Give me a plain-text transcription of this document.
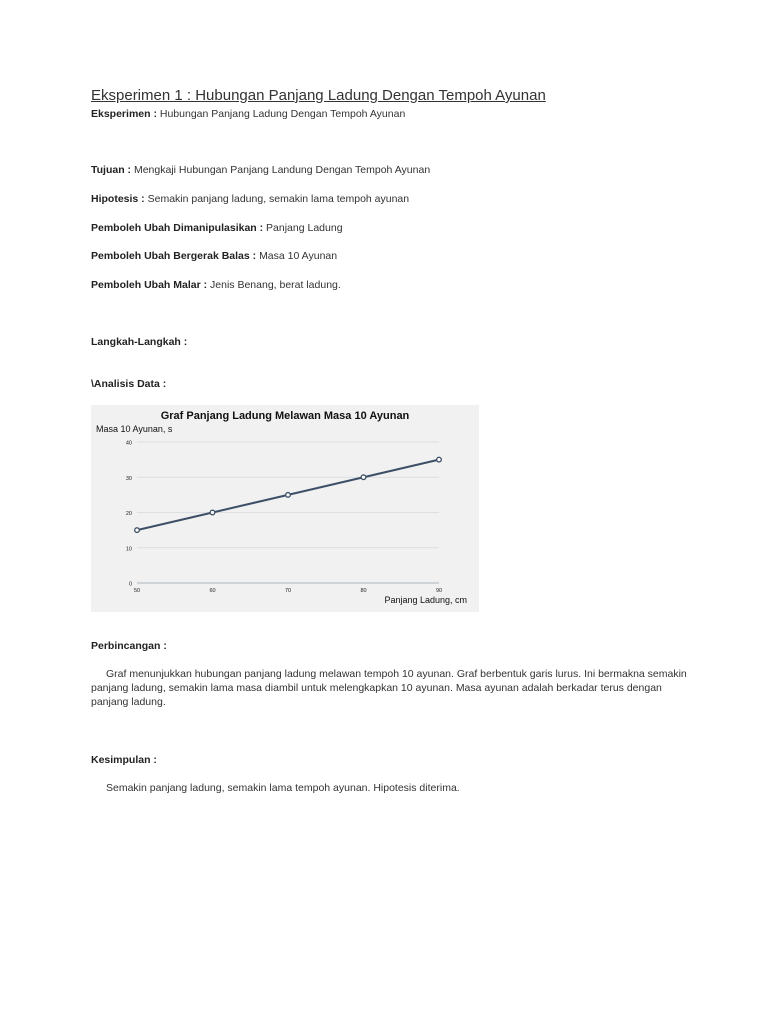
Eksperimen 1 : Hubungan Panjang Ladung Dengan Tempoh Ayunan
Eksperimen : Hubungan Panjang Ladung Dengan Tempoh Ayunan
Tujuan : Mengkaji Hubungan Panjang Landung Dengan Tempoh Ayunan
Hipotesis : Semakin panjang ladung, semakin lama tempoh ayunan
Pemboleh Ubah Dimanipulasikan : Panjang Ladung
Pemboleh Ubah Bergerak Balas : Masa 10 Ayunan
Pemboleh Ubah Malar : Jenis Benang, berat ladung.
Langkah-Langkah :
\Analisis Data :
Graf Panjang Ladung Melawan Masa 10 Ayunan
Masa 10 Ayunan, s
Panjang Ladung, cm
0
10
20
30
40
50	60	70	80	90
Perbincangan :
Graf menunjukkan hubungan panjang ladung melawan tempoh 10 ayunan. Graf berbentuk garis lurus. Ini bermakna semakin panjang ladung, semakin lama masa diambil untuk melengkapkan 10 ayunan. Masa ayunan adalah berkadar terus dengan panjang ladung.
Kesimpulan :
Semakin panjang ladung, semakin lama tempoh ayunan. Hipotesis diterima.
